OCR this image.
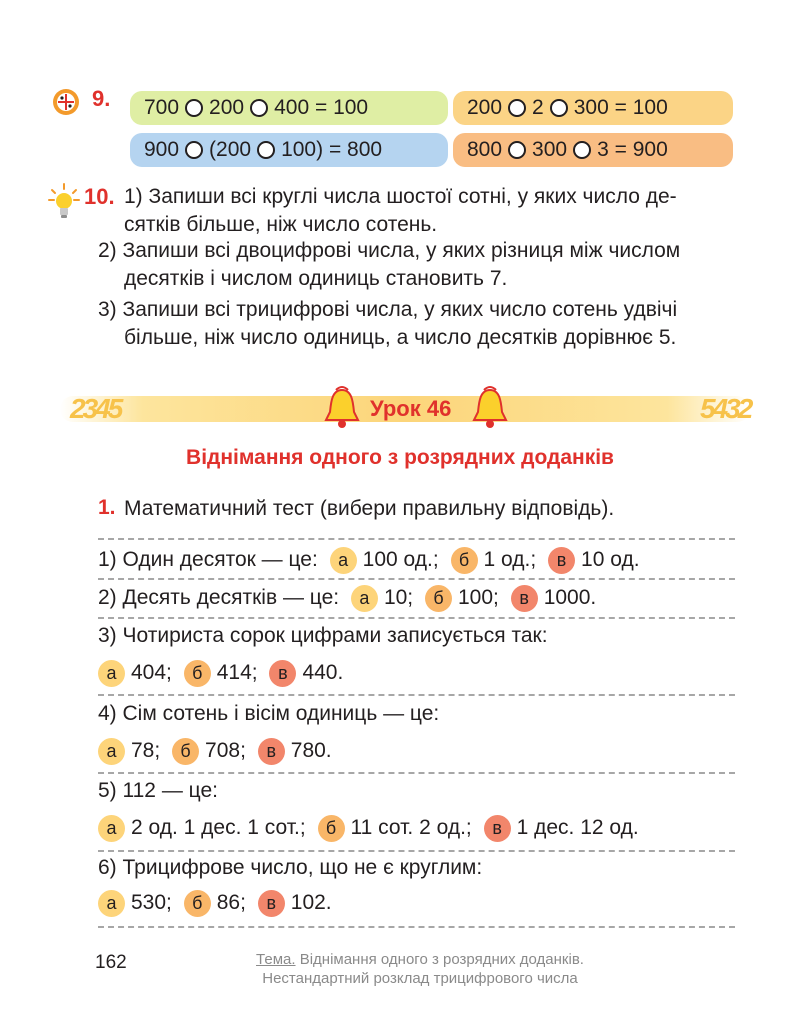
9. 700 200 400 = 100	200 2 300 = 100
900 (200 100) = 800	800 300 3 = 900
10. 1) Запиши всі круглі числа шостої сотні, у яких число де-

сятків більше, ніж число сотень.

2) Запиши всі двоцифрові числа, у яких різниця між числом

десятків і числом одиниць становить 7.

3) Запиши всі трицифрові числа, у яких число сотень удвічі

більше, ніж число одиниць, а число десятків дорівнює 5.

2345	5432
Урок 46
Віднімання одного з розрядних доданків
1. Математичний тест (вибери правильну відповідь).
1) Один десяток — це: а 100 од.; б 1 од.; в 10 од.
2) Десять десятків — це: а 10; б 100; в 1000.
3) Чотириста сорок цифрами записується так:
а 404; б 414; в 440.
4) Сім сотень і вісім одиниць — це:
а 78; б 708; в 780.
5) 112 — це:
а 2 од. 1 дес. 1 сот.; б 11 сот. 2 од.; в 1 дес. 12 од.
6) Трицифрове число, що не є круглим:
а 530; б 86; в 102.
162	Тема. Віднімання одного з розрядних доданків.
Нестандартний розклад трицифрового числа
